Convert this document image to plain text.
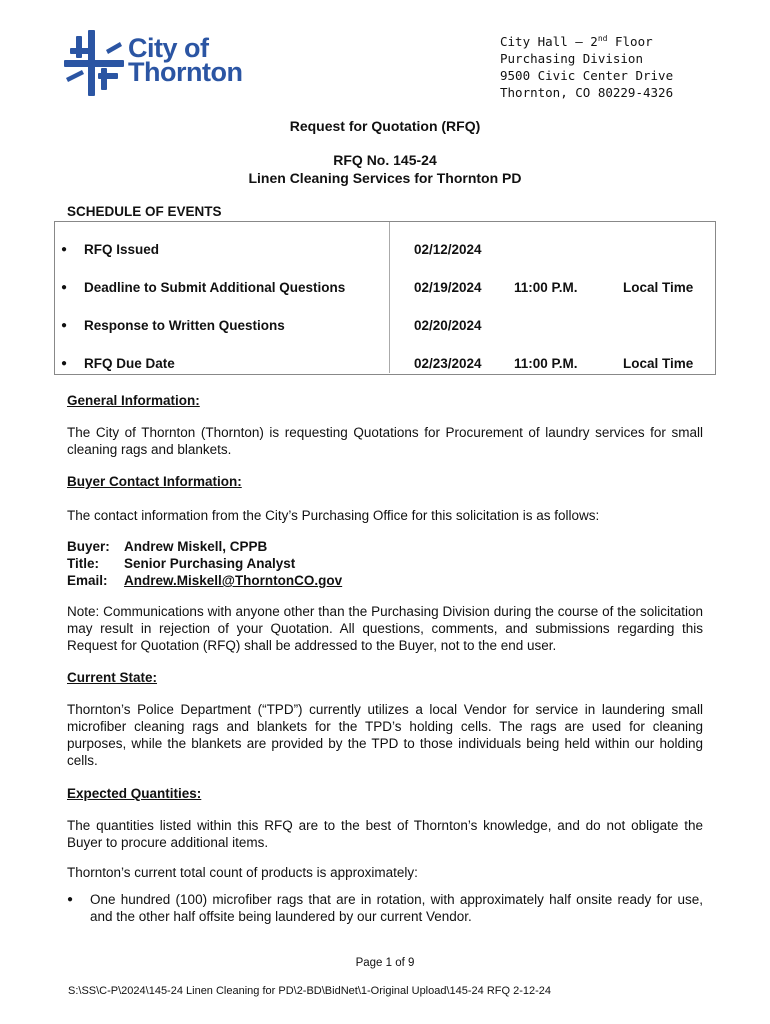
City of
Thornton
City Hall – 2nd Floor
Purchasing Division
9500 Civic Center Drive
Thornton, CO 80229-4326
Request for Quotation (RFQ)
RFQ No. 145-24
Linen Cleaning Services for Thornton PD
SCHEDULE OF EVENTS
● RFQ Issued	02/12/2024
● Deadline to Submit Additional Questions	02/19/2024 11:00 P.M.	Local Time
● Response to Written Questions	02/20/2024
● RFQ Due Date	02/23/2024 11:00 P.M.	Local Time
General Information:
The City of Thornton (Thornton) is requesting Quotations for Procurement of laundry services for small cleaning rags and blankets.
Buyer Contact Information:
The contact information from the City’s Purchasing Office for this solicitation is as follows:
Buyer:	Andrew Miskell, CPPB
Title:	Senior Purchasing Analyst
Email:	Andrew.Miskell@ThorntonCO.gov
Note: Communications with anyone other than the Purchasing Division during the course of the solicitation may result in rejection of your Quotation. All questions, comments, and submissions regarding this Request for Quotation (RFQ) shall be addressed to the Buyer, not to the end user.
Current State:
Thornton’s Police Department (“TPD”) currently utilizes a local Vendor for service in laundering small microfiber cleaning rags and blankets for the TPD’s holding cells. The rags are used for cleaning purposes, while the blankets are provided by the TPD to those individuals being held within our holding cells.
Expected Quantities:
The quantities listed within this RFQ are to the best of Thornton’s knowledge, and do not obligate the Buyer to procure additional items.
Thornton’s current total count of products is approximately:
● One hundred (100) microfiber rags that are in rotation, with approximately half onsite ready for use, and the other half offsite being laundered by our current Vendor.
Page 1 of 9
S:\SS\C-P\2024\145-24 Linen Cleaning for PD\2-BD\BidNet\1-Original Upload\145-24 RFQ 2-12-24
